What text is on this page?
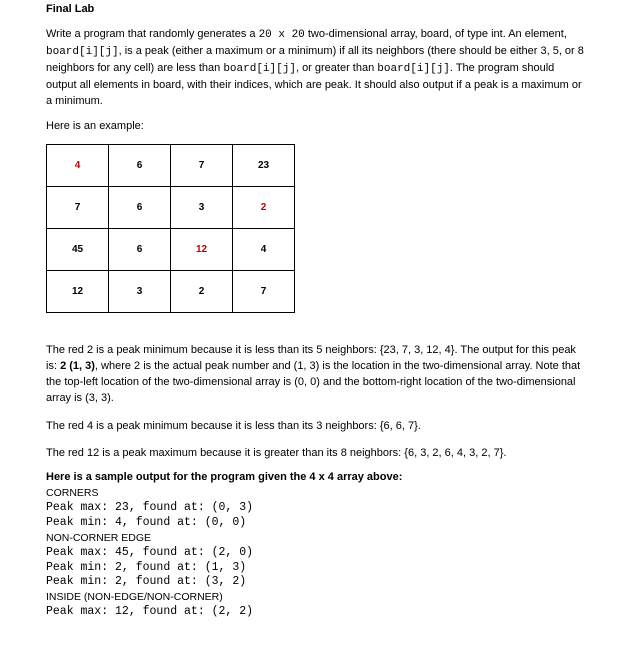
Final Lab
Write a program that randomly generates a 20 x 20 two-dimensional array, board, of type int. An element, board[i][j], is a peak (either a maximum or a minimum) if all its neighbors (there should be either 3, 5, or 8 neighbors for any cell) are less than board[i][j], or greater than board[i][j]. The program should output all elements in board, with their indices, which are peak. It should also output if a peak is a maximum or a minimum.
Here is an example:
4	6	7	23
7	6	3	2
45	6	12	4
12	3	2	7
The red 2 is a peak minimum because it is less than its 5 neighbors: {23, 7, 3, 12, 4}. The output for this peak is: 2 (1, 3), where 2 is the actual peak number and (1, 3) is the location in the two-dimensional array. Note that the top-left location of the two-dimensional array is (0, 0) and the bottom-right location of the two-dimensional array is (3, 3).
The red 4 is a peak minimum because it is less than its 3 neighbors: {6, 6, 7}.
The red 12 is a peak maximum because it is greater than its 8 neighbors: {6, 3, 2, 6, 4, 3, 2, 7}.
Here is a sample output for the program given the 4 x 4 array above:
CORNERS
Peak max: 23, found at: (0, 3)
Peak min: 4, found at: (0, 0)
NON-CORNER EDGE
Peak max: 45, found at: (2, 0)
Peak min: 2, found at: (1, 3)
Peak min: 2, found at: (3, 2)
INSIDE (NON-EDGE/NON-CORNER)
Peak max: 12, found at: (2, 2)
